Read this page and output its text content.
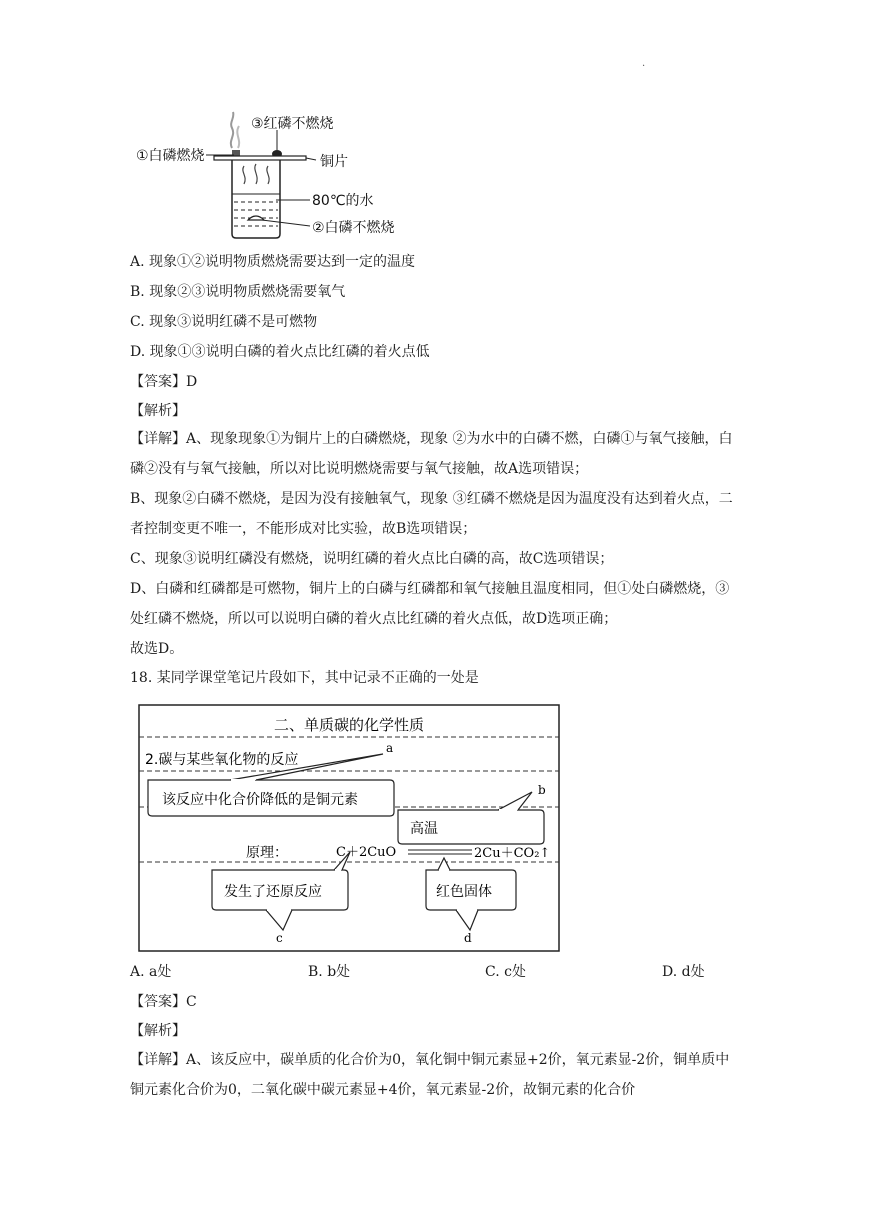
.
③红磷不燃烧
①白磷燃烧	铜片
80℃的水
②白磷不燃烧
A. 现象①②说明物质燃烧需要达到一定的温度
B. 现象②③说明物质燃烧需要氧气
C. 现象③说明红磷不是可燃物
D. 现象①③说明白磷的着火点比红磷的着火点低
【答案】D
【解析】

【详解】A、现象现象①为铜片上的白磷燃烧，现象 ②为水中的白磷不燃，白磷①与氧气接触，白磷②没有与氧气接触，所以对比说明燃烧需要与氧气接触，故A选项错误；

B、现象②白磷不燃烧，是因为没有接触氧气，现象 ③红磷不燃烧是因为温度没有达到着火点，二者控制变更不唯一，不能形成对比实验，故B选项错误；

C、现象③说明红磷没有燃烧，说明红磷的着火点比白磷的高，故C选项错误；

D、白磷和红磷都是可燃物，铜片上的白磷与红磷都和氧气接触且温度相同，但①处白磷燃烧，③处红磷不燃烧，所以可以说明白磷的着火点比红磷的着火点低，故D选项正确；

故选D。

18. 某同学课堂笔记片段如下，其中记录不正确的一处是
二、单质碳的化学性质
2.碳与某些氧化物的反应
该反应中化合价降低的是铜元素
a
高温
b
原理：	C＋2CuO	2Cu＋CO₂↑
发生了还原反应
c
红色固体
d
A. a处	B. b处	C. c处	D. d处
【答案】C
【解析】

【详解】A、该反应中，碳单质的化合价为0，氧化铜中铜元素显+2价，氧元素显-2价，铜单质中铜元素化合价为0，二氧化碳中碳元素显+4价，氧元素显-2价，故铜元素的化合价
